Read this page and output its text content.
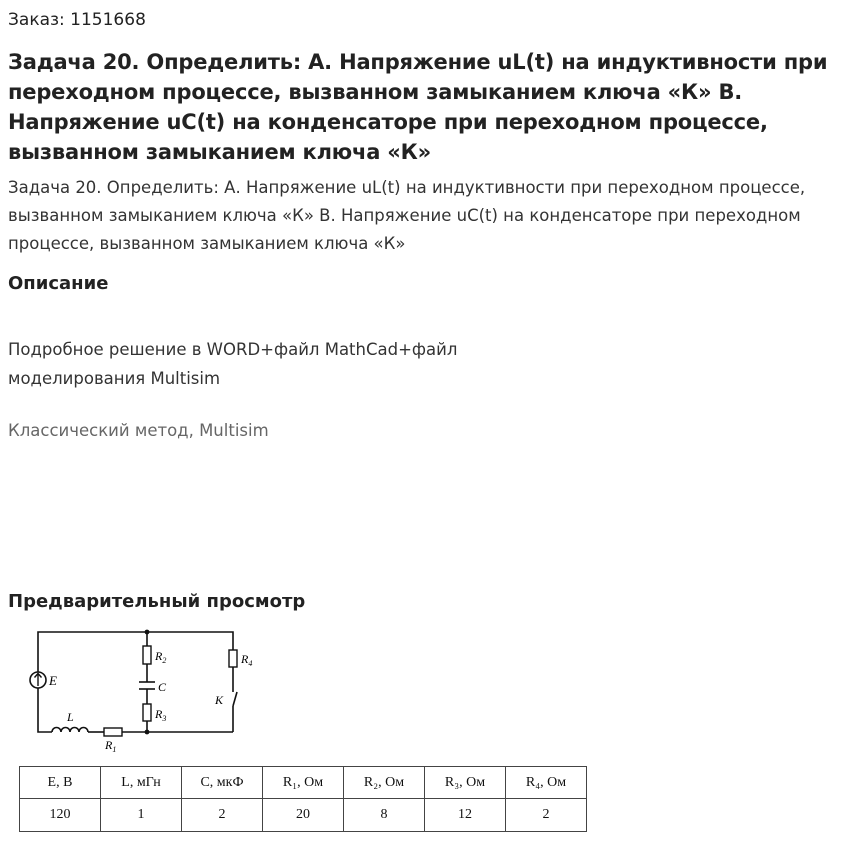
Заказ: 1151668
Задача 20. Определить: А. Напряжение uL(t) на индуктивности при переходном процессе, вызванном замыканием ключа «К» В. Напряжение uC(t) на конденсаторе при переходном процессе, вызванном замыканием ключа «К»
Задача 20. Определить: А. Напряжение uL(t) на индуктивности при переходном процессе, вызванном замыканием ключа «К» В. Напряжение uC(t) на конденсаторе при переходном процессе, вызванном замыканием ключа «К»
Описание
Подробное решение в WORD+файл MathCad+файл
моделирования Multisim
Классический метод, Multisim
Предварительный просмотр
E
$R_2$
C
$R_3$
$R_4$
K
L
$R_1$
E, В	L, мГн	С, мкФ	R₁, Ом	R₂, Ом	R₃, Ом	R₄, Ом
120	1	2	20	8	12	2
